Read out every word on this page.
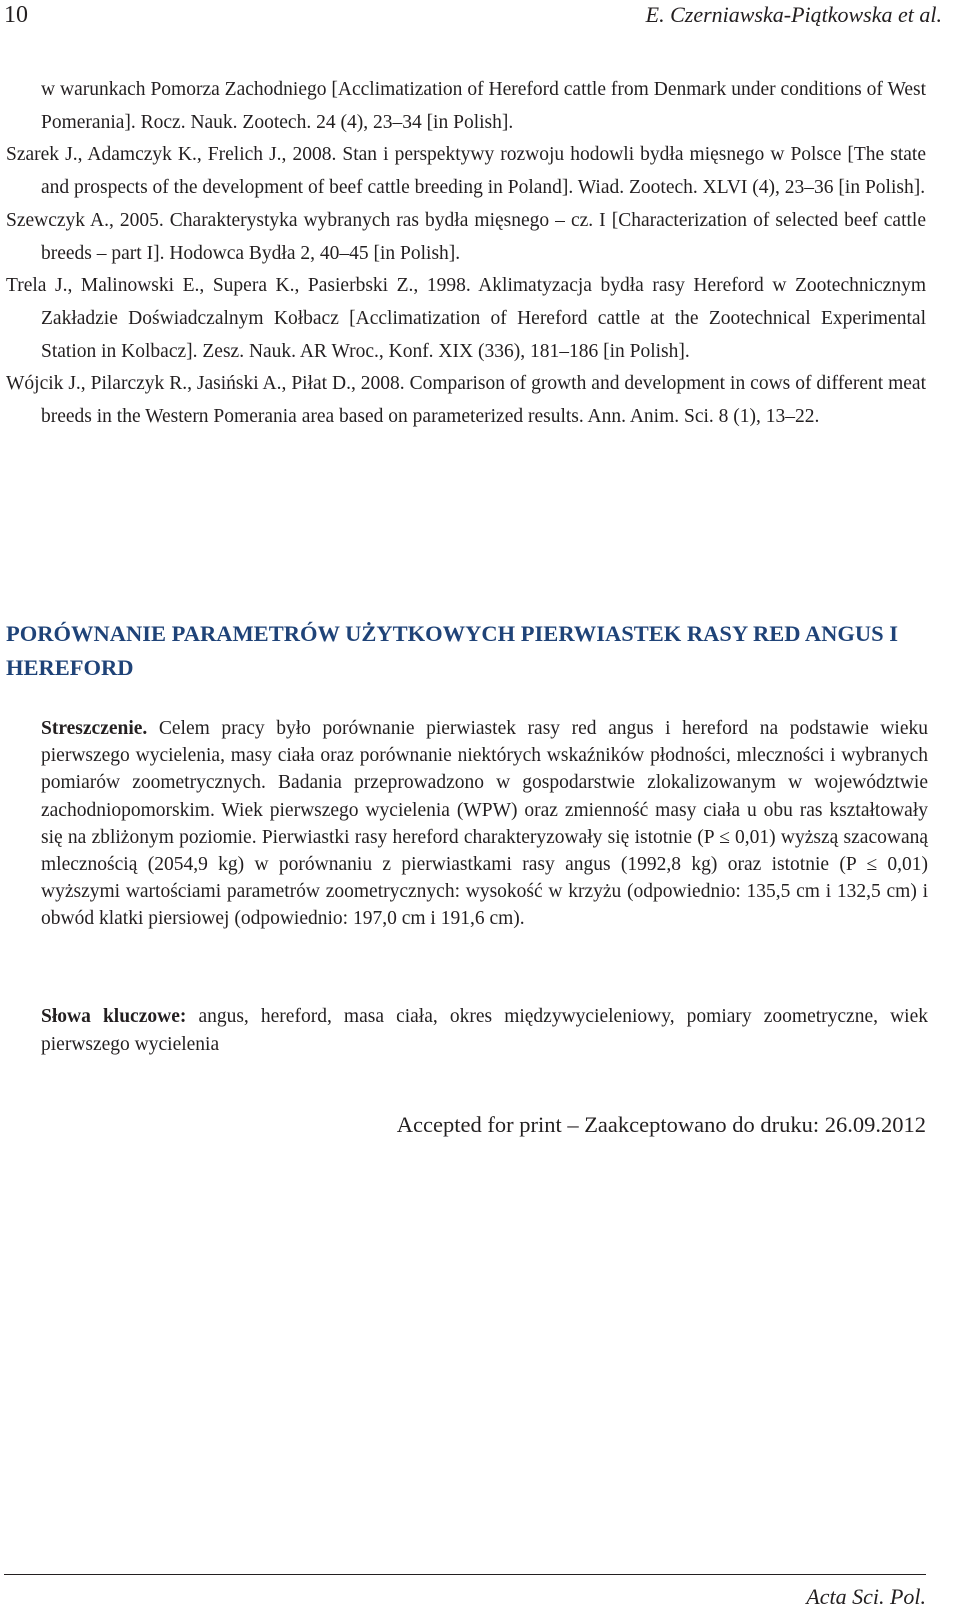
10	E. Czerniawska-Piątkowska et al.

w warunkach Pomorza Zachodniego [Acclimatization of Hereford cattle from Denmark under conditions of West Pomerania]. Rocz. Nauk. Zootech. 24 (4), 23–34 [in Polish].

Szarek J., Adamczyk K., Frelich J., 2008. Stan i perspektywy rozwoju hodowli bydła mięsnego w Polsce [The state and prospects of the development of beef cattle breeding in Poland]. Wiad. Zootech. XLVI (4), 23–36 [in Polish].

Szewczyk A., 2005. Charakterystyka wybranych ras bydła mięsnego – cz. I [Characterization of selected beef cattle breeds – part I]. Hodowca Bydła 2, 40–45 [in Polish].

Trela J., Malinowski E., Supera K., Pasierbski Z., 1998. Aklimatyzacja bydła rasy Hereford w Zootechnicznym Zakładzie Doświadczalnym Kołbacz [Acclimatization of Hereford cattle at the Zootechnical Experimental Station in Kolbacz]. Zesz. Nauk. AR Wroc., Konf. XIX (336), 181–186 [in Polish].

Wójcik J., Pilarczyk R., Jasiński A., Piłat D., 2008. Comparison of growth and development in cows of different meat breeds in the Western Pomerania area based on parameterized results. Ann. Anim. Sci. 8 (1), 13–22.

PORÓWNANIE PARAMETRÓW UŻYTKOWYCH PIERWIASTEK RASY RED ANGUS I HEREFORD

Streszczenie. Celem pracy było porównanie pierwiastek rasy red angus i hereford na podstawie wieku pierwszego wycielenia, masy ciała oraz porównanie niektórych wskaźników płodności, mleczności i wybranych pomiarów zoometrycznych. Badania przeprowadzono w gospodarstwie zlokalizowanym w województwie zachodniopomorskim. Wiek pierwszego wycielenia (WPW) oraz zmienność masy ciała u obu ras kształtowały się na zbliżonym poziomie. Pierwiastki rasy hereford charakteryzowały się istotnie (P ≤ 0,01) wyższą szacowaną mlecznością (2054,9 kg) w porównaniu z pierwiastkami rasy angus (1992,8 kg) oraz istotnie (P ≤ 0,01) wyższymi wartościami parametrów zoometrycznych: wysokość w krzyżu (odpowiednio: 135,5 cm i 132,5 cm) i obwód klatki piersiowej (odpowiednio: 197,0 cm i 191,6 cm).

Słowa kluczowe: angus, hereford, masa ciała, okres międzywycieleniowy, pomiary zoometryczne, wiek pierwszego wycielenia

Accepted for print – Zaakceptowano do druku: 26.09.2012
Acta Sci. Pol.
